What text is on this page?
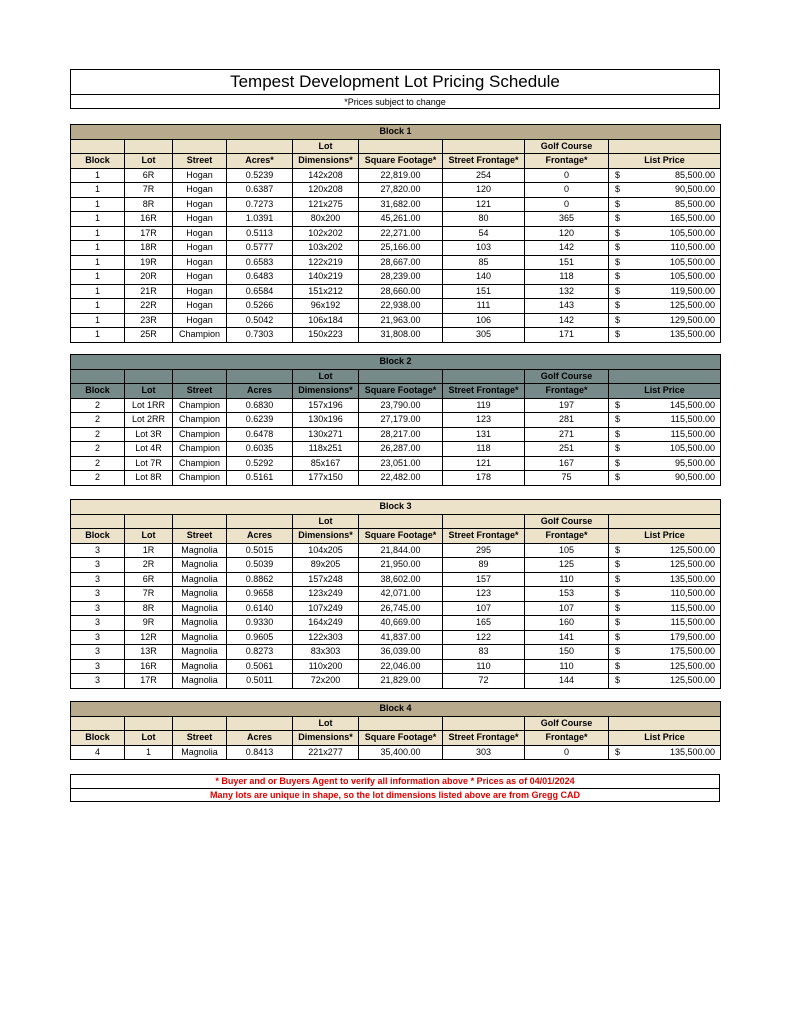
Tempest Development Lot Pricing Schedule
*Prices subject to change
Block 1								
				Lot			Golf Course	
Block	Lot	Street	Acres*	Dimensions*	Square Footage*	Street Frontage*	Frontage*	List Price
1	6R	Hogan	0.5239	142x208	22,819.00	254	0	$ 85,500.00

1	7R	Hogan	0.6387	120x208	27,820.00	120	0	$ 90,500.00

1	8R	Hogan	0.7273	121x275	31,682.00	121	0	$ 85,500.00

1	16R	Hogan	1.0391	80x200	45,261.00	80	365	$ 165,500.00

1	17R	Hogan	0.5113	102x202	22,271.00	54	120	$ 105,500.00

1	18R	Hogan	0.5777	103x202	25,166.00	103	142	$ 110,500.00

1	19R	Hogan	0.6583	122x219	28,667.00	85	151	$ 105,500.00

1	20R	Hogan	0.6483	140x219	28,239.00	140	118	$ 105,500.00

1	21R	Hogan	0.6584	151x212	28,660.00	151	132	$ 119,500.00

1	22R	Hogan	0.5266	96x192	22,938.00	111	143	$ 125,500.00

1	23R	Hogan	0.5042	106x184	21,963.00	106	142	$ 129,500.00

1	25R	Champion	0.7303	150x223	31,808.00	305	171	$ 135,500.00
Block 2								
				Lot			Golf Course	
Block	Lot	Street	Acres	Dimensions*	Square Footage*	Street Frontage*	Frontage*	List Price
2	Lot 1RR	Champion	0.6830	157x196	23,790.00	119	197	$ 145,500.00

2	Lot 2RR	Champion	0.6239	130x196	27,179.00	123	281	$ 115,500.00

2	Lot 3R	Champion	0.6478	130x271	28,217.00	131	271	$ 115,500.00

2	Lot 4R	Champion	0.6035	118x251	26,287.00	118	251	$ 105,500.00

2	Lot 7R	Champion	0.5292	85x167	23,051.00	121	167	$ 95,500.00

2	Lot 8R	Champion	0.5161	177x150	22,482.00	178	75	$ 90,500.00
Block 3								
				Lot			Golf Course	
Block	Lot	Street	Acres	Dimensions*	Square Footage*	Street Frontage*	Frontage*	List Price
3	1R	Magnolia	0.5015	104x205	21,844.00	295	105	$ 125,500.00

3	2R	Magnolia	0.5039	89x205	21,950.00	89	125	$ 125,500.00

3	6R	Magnolia	0.8862	157x248	38,602.00	157	110	$ 135,500.00

3	7R	Magnolia	0.9658	123x249	42,071.00	123	153	$ 110,500.00

3	8R	Magnolia	0.6140	107x249	26,745.00	107	107	$ 115,500.00

3	9R	Magnolia	0.9330	164x249	40,669.00	165	160	$ 115,500.00

3	12R	Magnolia	0.9605	122x303	41,837.00	122	141	$ 179,500.00

3	13R	Magnolia	0.8273	83x303	36,039.00	83	150	$ 175,500.00

3	16R	Magnolia	0.5061	110x200	22,046.00	110	110	$ 125,500.00

3	17R	Magnolia	0.5011	72x200	21,829.00	72	144	$ 125,500.00
Block 4								
				Lot			Golf Course	
Block	Lot	Street	Acres	Dimensions*	Square Footage*	Street Frontage*	Frontage*	List Price
4	1	Magnolia	0.8413	221x277	35,400.00	303	0	$ 135,500.00
* Buyer and or Buyers Agent to verify all information above * Prices as of 04/01/2024
Many lots are unique in shape, so the lot dimensions listed above are from Gregg CAD
